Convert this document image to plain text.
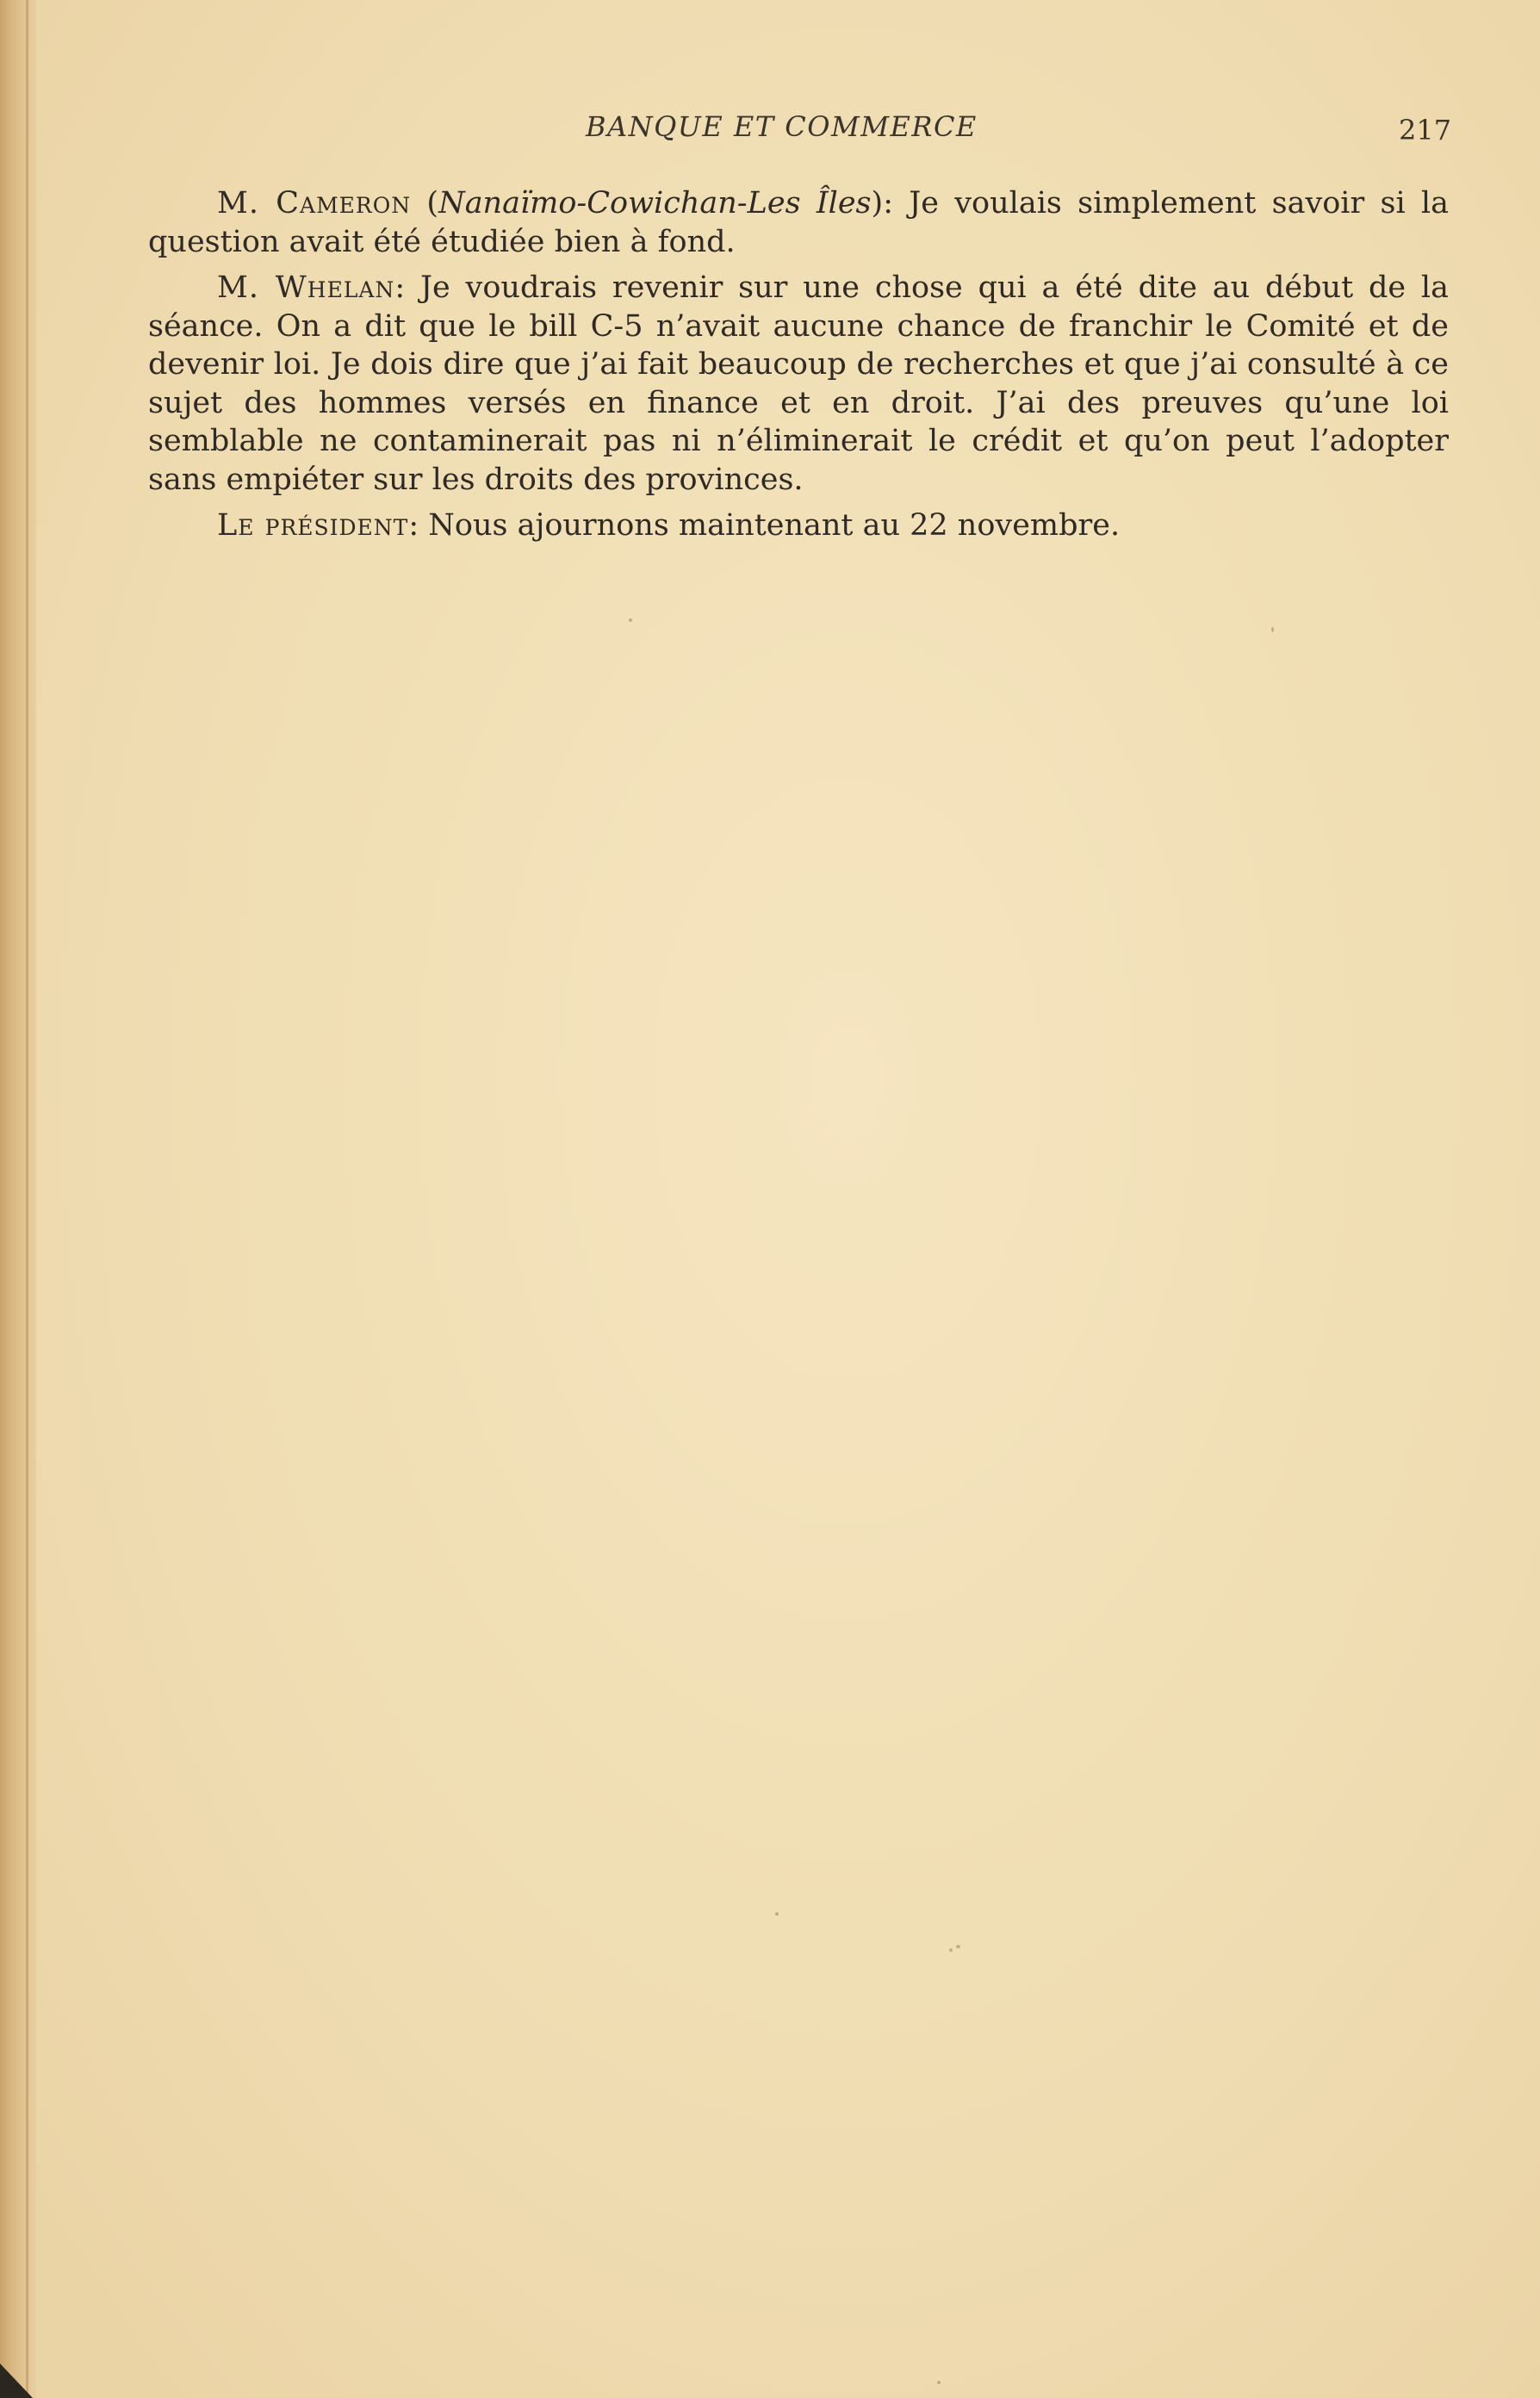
BANQUE ET COMMERCE	217

M. Cameron (Nanaïmo-Cowichan-Les Îles): Je voulais simplement savoir si la question avait été étudiée bien à fond.

M. Whelan: Je voudrais revenir sur une chose qui a été dite au début de la séance. On a dit que le bill C-5 n’avait aucune chance de franchir le Comité et de devenir loi. Je dois dire que j’ai fait beaucoup de recherches et que j’ai consulté à ce sujet des hommes versés en finance et en droit. J’ai des preuves qu’une loi semblable ne contaminerait pas ni n’éliminerait le crédit et qu’on peut l’adopter sans empiéter sur les droits des provinces.

Le président: Nous ajournons maintenant au 22 novembre.
